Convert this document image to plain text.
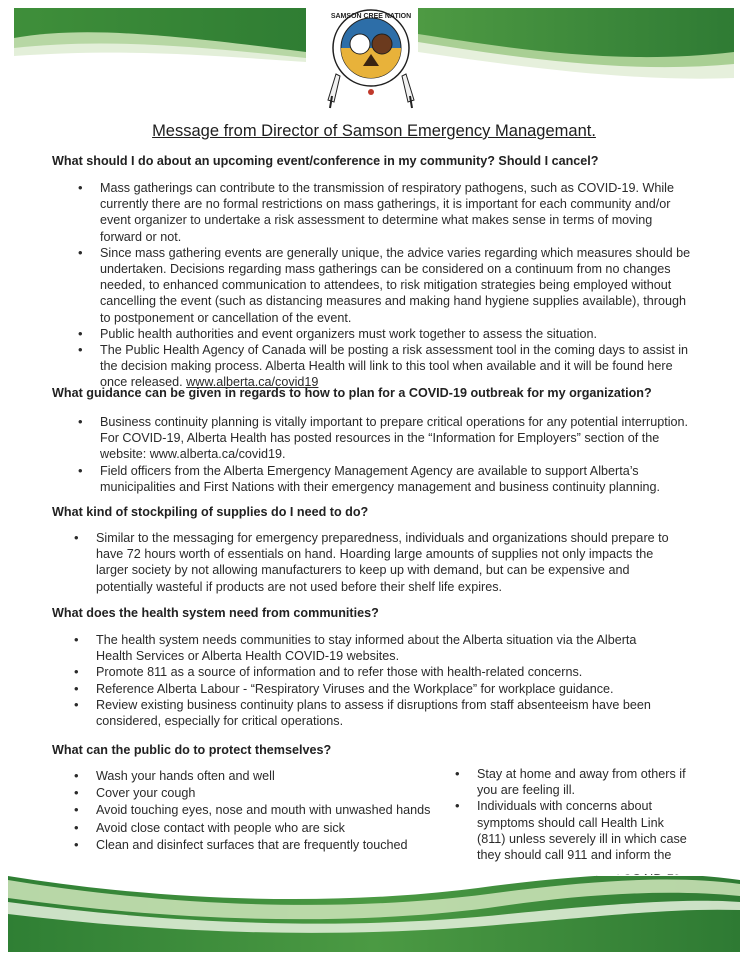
SAMSON CREE NATION
Message from Director of Samson Emergency Managemant.
What should I do about an upcoming event/conference in my community? Should I cancel?
• Mass gatherings can contribute to the transmission of respiratory pathogens, such as COVID-19. While currently there are no formal restrictions on mass gatherings, it is important for each community and/or event organizer to undertake a risk assessment to determine what makes sense in terms of moving forward or not.
• Since mass gathering events are generally unique, the advice varies regarding which measures should be undertaken. Decisions regarding mass gatherings can be considered on a continuum from no changes needed, to enhanced communication to attendees, to risk mitigation strategies being employed without cancelling the event (such as distancing measures and making hand hygiene supplies available), through to postponement or cancellation of the event.
• Public health authorities and event organizers must work together to assess the situation.
• The Public Health Agency of Canada will be posting a risk assessment tool in the coming days to assist in the decision making process. Alberta Health will link to this tool when available and it will be found here once released. www.alberta.ca/covid19
What guidance can be given in regards to how to plan for a COVID-19 outbreak for my organization?
• Business continuity planning is vitally important to prepare critical operations for any potential interruption. For COVID-19, Alberta Health has posted resources in the “Information for Employers” section of the website: www.alberta.ca/covid19.
• Field officers from the Alberta Emergency Management Agency are available to support Alberta’s municipalities and First Nations with their emergency management and business continuity planning.
What kind of stockpiling of supplies do I need to do?
• Similar to the messaging for emergency preparedness, individuals and organizations should prepare to have 72 hours worth of essentials on hand. Hoarding large amounts of supplies not only impacts the larger society by not allowing manufacturers to keep up with demand, but can be expensive and potentially wasteful if products are not used before their shelf life expires.
What does the health system need from communities?
• The health system needs communities to stay informed about the Alberta situation via the Alberta Health Services or Alberta Health COVID-19 websites.
• Promote 811 as a source of information and to refer those with health-related concerns.
• Reference Alberta Labour - “Respiratory Viruses and the Workplace” for workplace guidance.
• Review existing business continuity plans to assess if disruptions from staff absenteeism have been considered, especially for critical operations.
What can the public do to protect themselves?
• Wash your hands often and well
• Cover your cough
• Avoid touching eyes, nose and mouth with unwashed hands
• Avoid close contact with people who are sick
• Clean and disinfect surfaces that are frequently touched
• Stay at home and away from others if you are feeling ill.
• Individuals with concerns about symptoms should call Health Link (811) unless severely ill in which case they should call 911 and inform the
